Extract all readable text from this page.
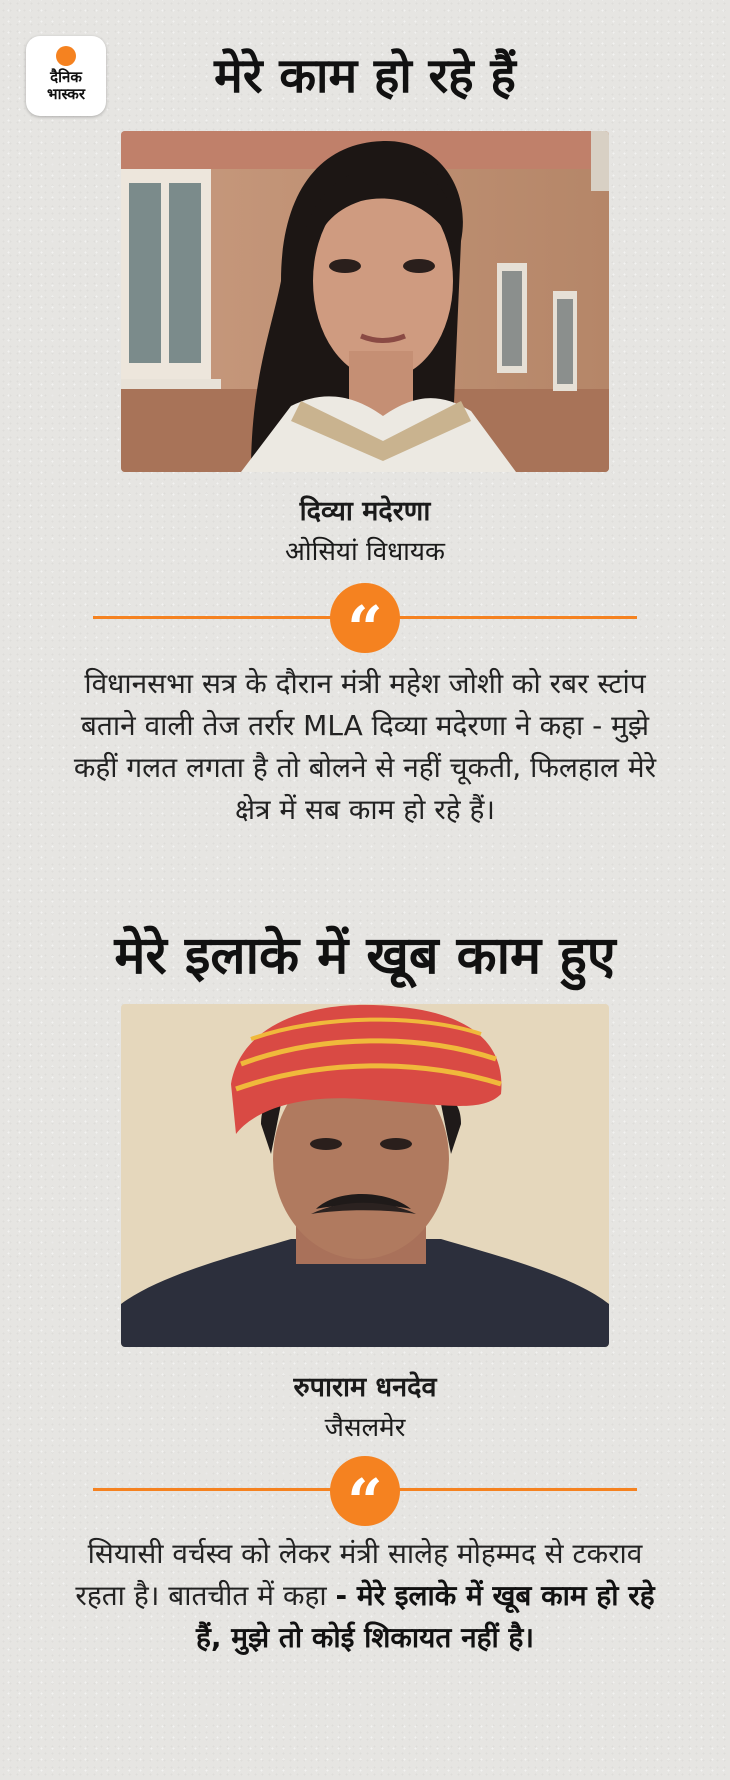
दैनिक
भास्कर	मेरे काम हो रहे हैं
दिव्या मदेरणा
ओसियां विधायक
“

विधानसभा सत्र के दौरान मंत्री महेश जोशी को रबर स्टांप बताने वाली तेज तर्रार MLA दिव्या मदेरणा ने कहा - मुझे कहीं गलत लगता है तो बोलने से नहीं चूकती, फिलहाल मेरे क्षेत्र में सब काम हो रहे हैं।

मेरे इलाके में खूब काम हुए
रुपाराम धनदेव
जैसलमेर
“

सियासी वर्चस्व को लेकर मंत्री सालेह मोहम्मद से टकराव रहता है। बातचीत में कहा - मेरे इलाके में खूब काम हो रहे हैं, मुझे तो कोई शिकायत नहीं है।
